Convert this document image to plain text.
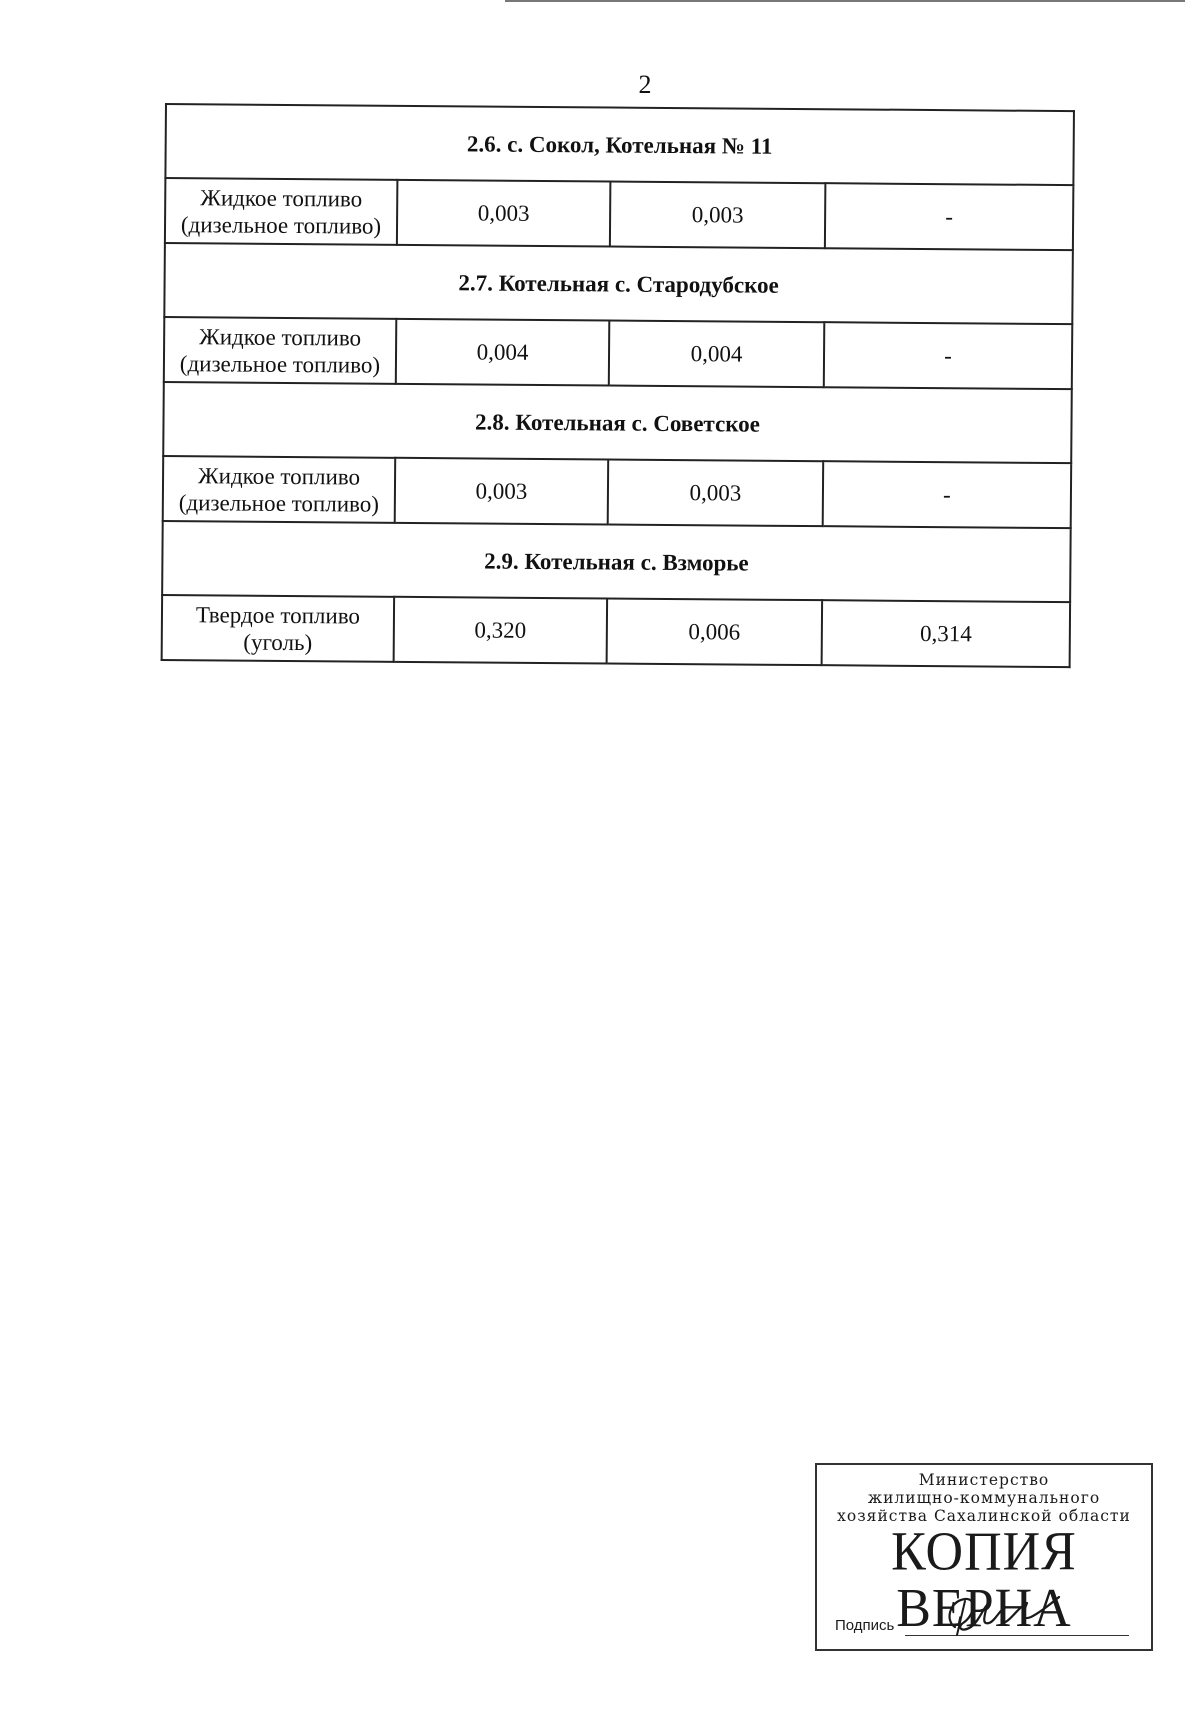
2
2.6. с. Сокол, Котельная № 11			
Жидкое топливо
(дизельное топливо)	0,003	0,003	-
2.7. Котельная с. Стародубское			
Жидкое топливо
(дизельное топливо)	0,004	0,004	-
2.8. Котельная с. Советское			
Жидкое топливо
(дизельное топливо)	0,003	0,003	-
2.9. Котельная с. Взморье			
Твердое топливо
(уголь)	0,320	0,006	0,314
Министерство
жилищно-коммунального
хозяйства Сахалинской области
КОПИЯ ВЕРНА
Подпись
